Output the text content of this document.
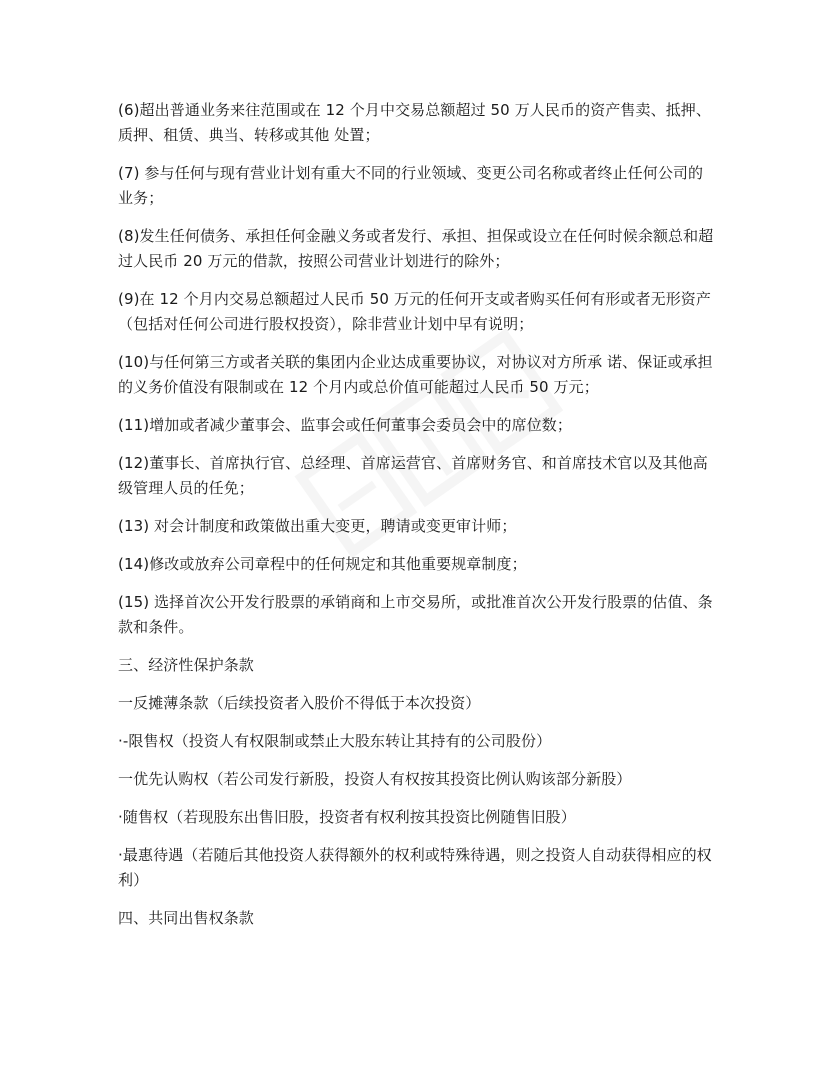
(6)超出普通业务来往范围或在 12 个月中交易总额超过 50 万人民币的资产售卖、抵押、质押、租赁、典当、转移或其他 处置；

(7) 参与任何与现有营业计划有重大不同的行业领域、变更公司名称或者终止任何公司的业务；

(8)发生任何债务、承担任何金融义务或者发行、承担、担保或设立在任何时候余额总和超过人民币 20 万元的借款，按照公司营业计划进行的除外；

(9)在 12 个月内交易总额超过人民币 50 万元的任何开支或者购买任何有形或者无形资产（包括对任何公司进行股权投资），除非营业计划中早有说明；

(10)与任何第三方或者关联的集团内企业达成重要协议，对协议对方所承 诺、保证或承担的义务价值没有限制或在 12 个月内或总价值可能超过人民币 50 万元；

(11)增加或者减少董事会、监事会或任何董事会委员会中的席位数；

(12)董事长、首席执行官、总经理、首席运营官、首席财务官、和首席技术官以及其他高级管理人员的任免；

(13) 对会计制度和政策做出重大变更，聘请或变更审计师；

(14)修改或放弃公司章程中的任何规定和其他重要规章制度；

(15) 选择首次公开发行股票的承销商和上市交易所，或批准首次公开发行股票的估值、条款和条件。

三、经济性保护条款

一反摊薄条款（后续投资者入股价不得低于本次投资）

·-限售权（投资人有权限制或禁止大股东转让其持有的公司股份）

一优先认购权（若公司发行新股，投资人有权按其投资比例认购该部分新股）

·随售权（若现股东出售旧股，投资者有权利按其投资比例随售旧股）

·最惠待遇（若随后其他投资人获得额外的权利或特殊待遇，则之投资人自动获得相应的权利）

四、共同出售权条款
